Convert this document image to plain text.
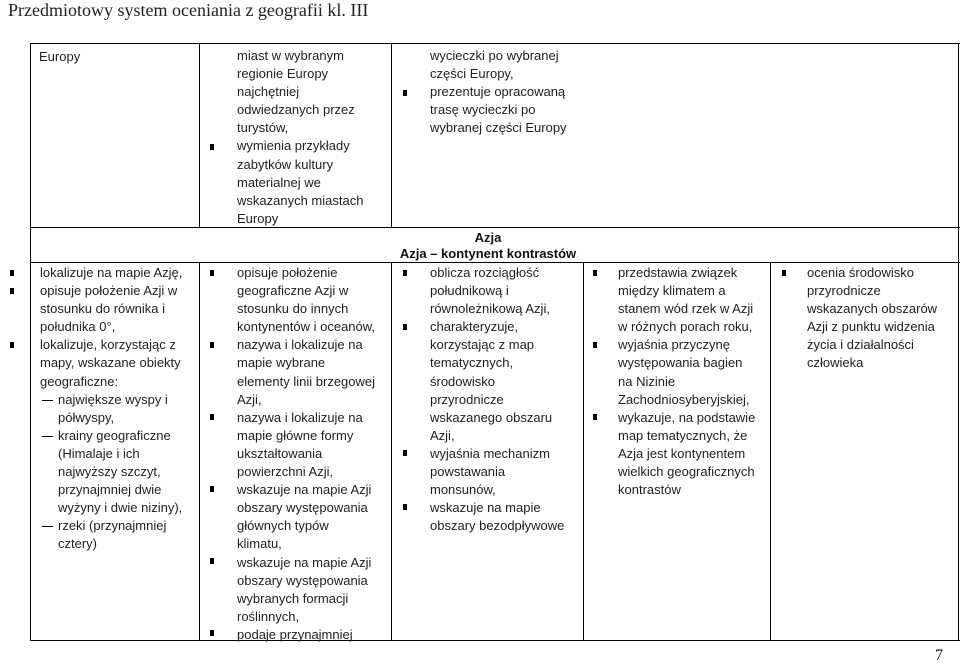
Przedmiotowy system oceniania z geografii kl. III
Europy	miast w wybranym
regionie Europy
najchętniej
odwiedzanych przez
turystów,
wymienia przykłady
zabytków kultury
materialnej we
wskazanych miastach
Europy
wycieczki po wybranej
części Europy,
prezentuje opracowaną
trasę wycieczki po
wybranej części Europy
Azja
Azja – kontynent kontrastów
lokalizuje na mapie Azję,
opisuje położenie Azji w
stosunku do równika i
południka 0°,
lokalizuje, korzystając z
mapy, wskazane obiekty
geograficzne:
największe wyspy i
półwyspy,
krainy geograficzne
(Himalaje i ich
najwyższy szczyt,
przynajmniej dwie
wyżyny i dwie niziny),
rzeki (przynajmniej
cztery)
opisuje położenie
geograficzne Azji w
stosunku do innych
kontynentów i oceanów,
nazywa i lokalizuje na
mapie wybrane
elementy linii brzegowej
Azji,
nazywa i lokalizuje na
mapie główne formy
ukształtowania
powierzchni Azji,
wskazuje na mapie Azji
obszary występowania
głównych typów
klimatu,
wskazuje na mapie Azji
obszary występowania
wybranych formacji
roślinnych,
podaje przynajmniej
oblicza rozciągłość
południkową i
równoleżnikową Azji,
charakteryzuje,
korzystając z map
tematycznych,
środowisko
przyrodnicze
wskazanego obszaru
Azji,
wyjaśnia mechanizm
powstawania
monsunów,
wskazuje na mapie
obszary bezodpływowe
przedstawia związek
między klimatem a
stanem wód rzek w Azji
w różnych porach roku,
wyjaśnia przyczynę
występowania bagien
na Nizinie
Zachodniosyberyjskiej,
wykazuje, na podstawie
map tematycznych, że
Azja jest kontynentem
wielkich geograficznych
kontrastów
ocenia środowisko
przyrodnicze
wskazanych obszarów
Azji z punktu widzenia
życia i działalności
człowieka
7
